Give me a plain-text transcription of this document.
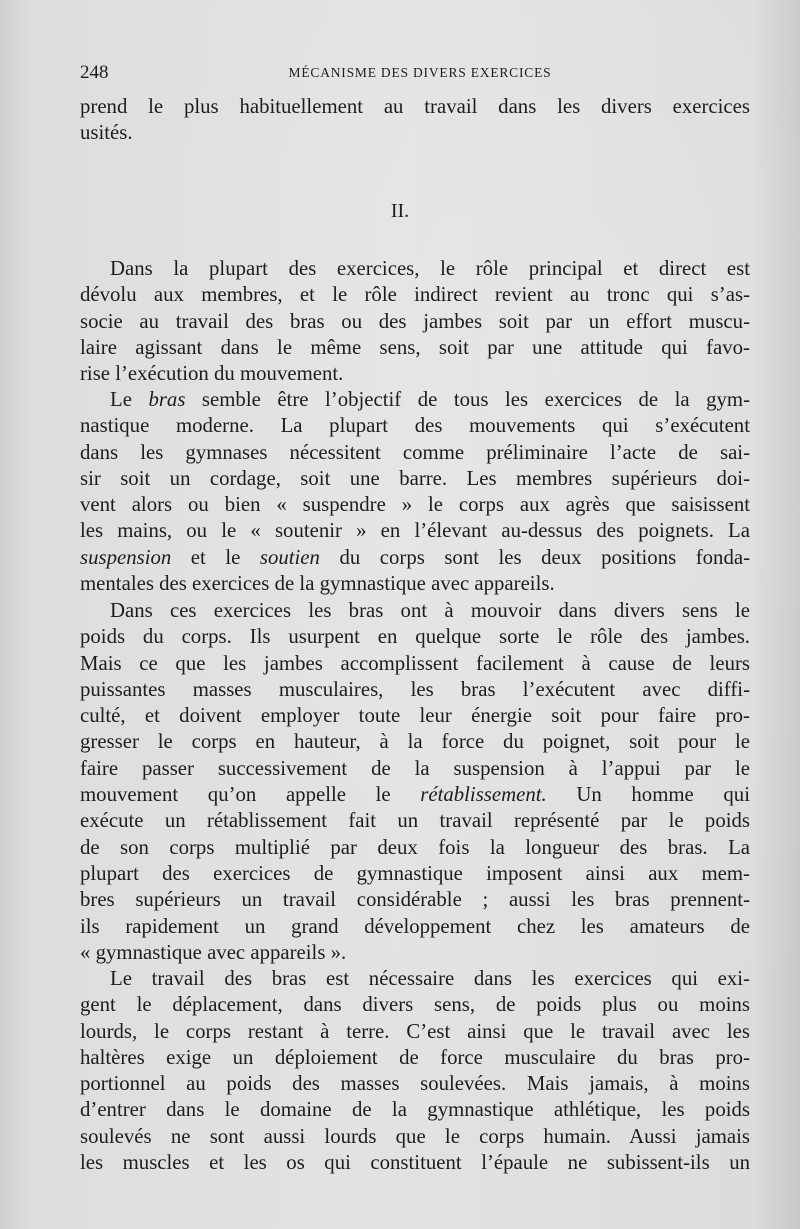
248	MÉCANISME DES DIVERS EXERCICES
prend le plus habituellement au travail dans les divers exercices
usités.
II.
Dans la plupart des exercices, le rôle principal et direct est
dévolu aux membres, et le rôle indirect revient au tronc qui s’as-
socie au travail des bras ou des jambes soit par un effort muscu-
laire agissant dans le même sens, soit par une attitude qui favo-
rise l’exécution du mouvement.
Le bras semble être l’objectif de tous les exercices de la gym-
nastique moderne. La plupart des mouvements qui s’exécutent
dans les gymnases nécessitent comme préliminaire l’acte de sai-
sir soit un cordage, soit une barre. Les membres supérieurs doi-
vent alors ou bien « suspendre » le corps aux agrès que saisissent
les mains, ou le « soutenir » en l’élevant au-dessus des poignets. La
suspension et le soutien du corps sont les deux positions fonda-
mentales des exercices de la gymnastique avec appareils.
Dans ces exercices les bras ont à mouvoir dans divers sens le
poids du corps. Ils usurpent en quelque sorte le rôle des jambes.
Mais ce que les jambes accomplissent facilement à cause de leurs
puissantes masses musculaires, les bras l’exécutent avec diffi-
culté, et doivent employer toute leur énergie soit pour faire pro-
gresser le corps en hauteur, à la force du poignet, soit pour le
faire passer successivement de la suspension à l’appui par le
mouvement qu’on appelle le rétablissement. Un homme qui
exécute un rétablissement fait un travail représenté par le poids
de son corps multiplié par deux fois la longueur des bras. La
plupart des exercices de gymnastique imposent ainsi aux mem-
bres supérieurs un travail considérable ; aussi les bras prennent-
ils rapidement un grand développement chez les amateurs de
« gymnastique avec appareils ».
Le travail des bras est nécessaire dans les exercices qui exi-
gent le déplacement, dans divers sens, de poids plus ou moins
lourds, le corps restant à terre. C’est ainsi que le travail avec les
haltères exige un déploiement de force musculaire du bras pro-
portionnel au poids des masses soulevées. Mais jamais, à moins
d’entrer dans le domaine de la gymnastique athlétique, les poids
soulevés ne sont aussi lourds que le corps humain. Aussi jamais
les muscles et les os qui constituent l’épaule ne subissent-ils un
